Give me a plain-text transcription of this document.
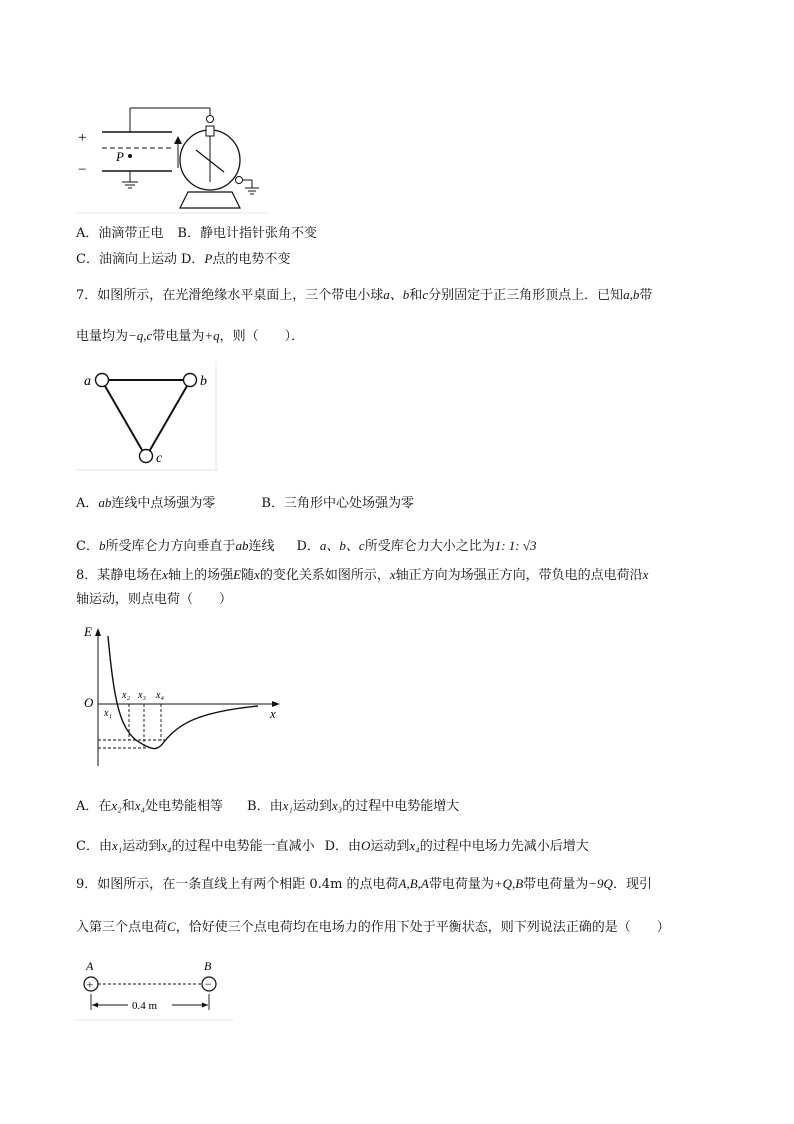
+
−
P
A．油滴带正电 B．静电计指针张角不变
C．油滴向上运动 D．P点的电势不变
7．如图所示，在光滑绝缘水平桌面上，三个带电小球a、b和c分别固定于正三角形顶点上．已知a,b带
电量均为−q,c带电量为+q，则（　　）．
a	b
c
A．ab连线中点场强为零	B．三角形中心处场强为零
C．b所受库仑力方向垂直于ab连线 D．a、b、c所受库仑力大小之比为1: 1: √3
8．某静电场在x轴上的场强E随x的变化关系如图所示，x轴正方向为场强正方向，带负电的点电荷沿x
轴运动，则点电荷（　　）
E
O
x
x₁
x₂ x₃ x₄
A．在x₂和x₄处电势能相等 B．由x₁运动到x₃的过程中电势能增大
C．由x₁运动到x₄的过程中电势能一直减小 D．由O运动到x₄的过程中电场力先减小后增大
9．如图所示，在一条直线上有两个相距 0.4m 的点电荷A,B,A带电荷量为+Q,B带电荷量为−9Q．现引
入第三个点电荷C，恰好使三个点电荷均在电场力的作用下处于平衡状态，则下列说法正确的是（　　）
A	B
+	−
0.4 m
